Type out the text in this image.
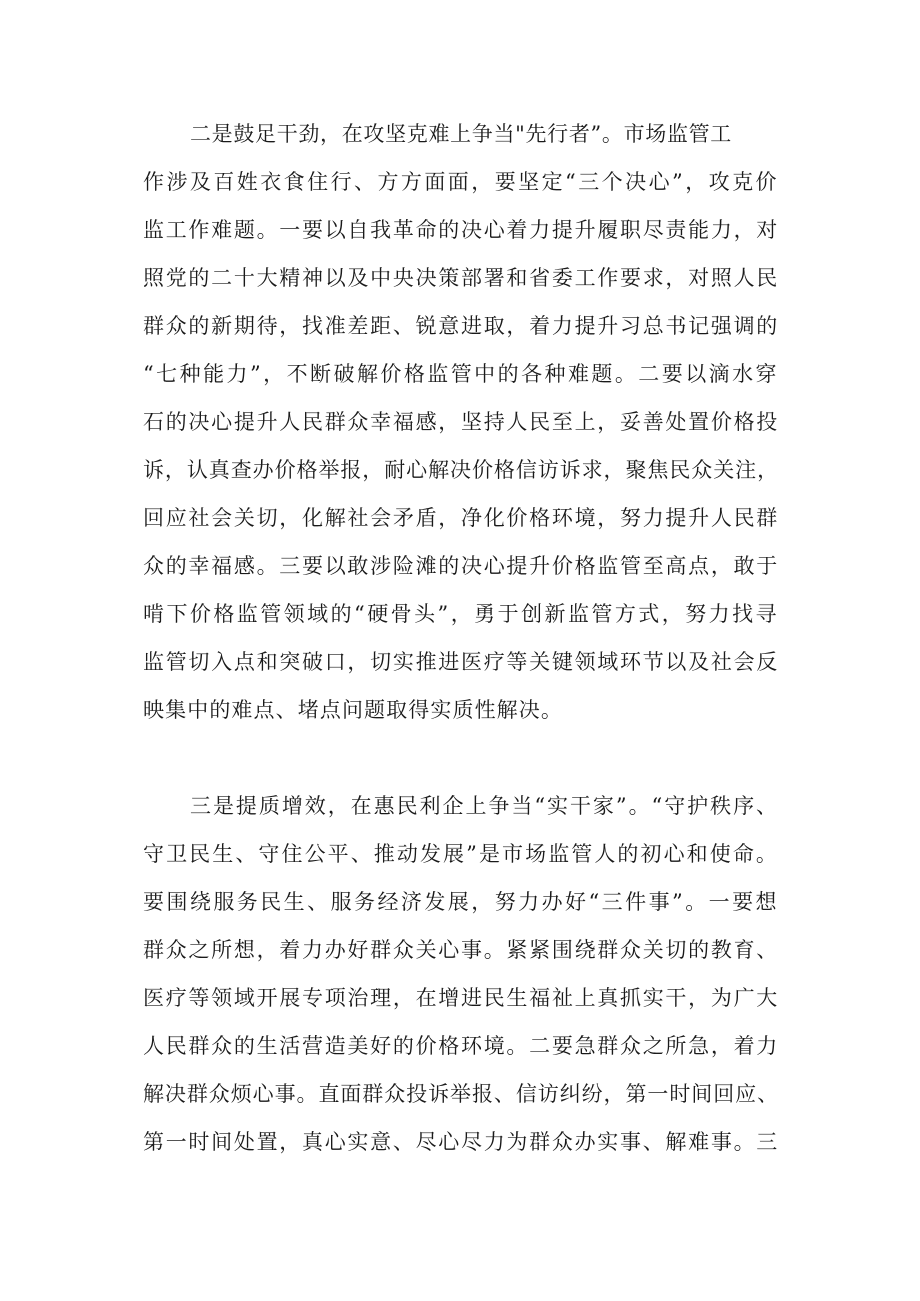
二是鼓足干劲，在攻坚克难上争当"先行者”。市场监管工
作涉及百姓衣食住行、方方面面，要坚定“三个决心”，攻克价
监工作难题。一要以自我革命的决心着力提升履职尽责能力，对
照党的二十大精神以及中央决策部署和省委工作要求，对照人民
群众的新期待，找准差距、锐意进取，着力提升习总书记强调的
“七种能力”，不断破解价格监管中的各种难题。二要以滴水穿
石的决心提升人民群众幸福感，坚持人民至上，妥善处置价格投
诉，认真查办价格举报，耐心解决价格信访诉求，聚焦民众关注，
回应社会关切，化解社会矛盾，净化价格环境，努力提升人民群
众的幸福感。三要以敢涉险滩的决心提升价格监管至高点，敢于
啃下价格监管领域的“硬骨头”，勇于创新监管方式，努力找寻
监管切入点和突破口，切实推进医疗等关键领域环节以及社会反
映集中的难点、堵点问题取得实质性解决。
三是提质增效，在惠民利企上争当“实干家”。“守护秩序、
守卫民生、守住公平、推动发展”是市场监管人的初心和使命。
要围绕服务民生、服务经济发展，努力办好“三件事”。一要想
群众之所想，着力办好群众关心事。紧紧围绕群众关切的教育、
医疗等领域开展专项治理，在增进民生福祉上真抓实干，为广大
人民群众的生活营造美好的价格环境。二要急群众之所急，着力
解决群众烦心事。直面群众投诉举报、信访纠纷，第一时间回应、
第一时间处置，真心实意、尽心尽力为群众办实事、解难事。三
